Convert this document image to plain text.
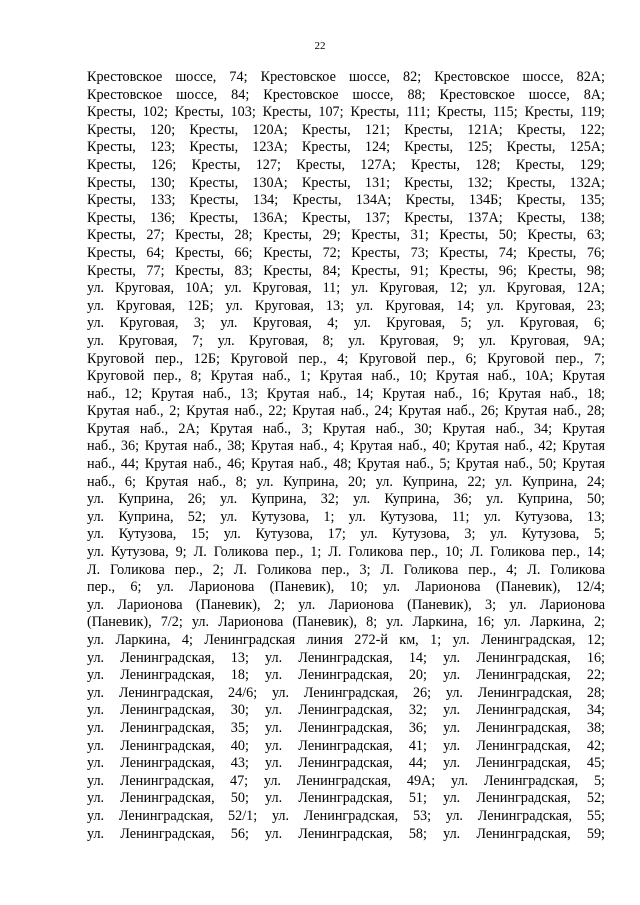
22
Крестовское шоссе, 74; Крестовское шоссе, 82; Крестовское шоссе, 82А;
Крестовское шоссе, 84; Крестовское шоссе, 88; Крестовское шоссе, 8А;
Кресты, 102; Кресты, 103; Кресты, 107; Кресты, 111; Кресты, 115; Кресты, 119;
Кресты, 120; Кресты, 120А; Кресты, 121; Кресты, 121А; Кресты, 122;
Кресты, 123; Кресты, 123А; Кресты, 124; Кресты, 125; Кресты, 125А;
Кресты, 126; Кресты, 127; Кресты, 127А; Кресты, 128; Кресты, 129;
Кресты, 130; Кресты, 130А; Кресты, 131; Кресты, 132; Кресты, 132А;
Кресты, 133; Кресты, 134; Кресты, 134А; Кресты, 134Б; Кресты, 135;
Кресты, 136; Кресты, 136А; Кресты, 137; Кресты, 137А; Кресты, 138;
Кресты, 27; Кресты, 28; Кресты, 29; Кресты, 31; Кресты, 50; Кресты, 63;
Кресты, 64; Кресты, 66; Кресты, 72; Кресты, 73; Кресты, 74; Кресты, 76;
Кресты, 77; Кресты, 83; Кресты, 84; Кресты, 91; Кресты, 96; Кресты, 98;
ул. Круговая, 10А; ул. Круговая, 11; ул. Круговая, 12; ул. Круговая, 12А;
ул. Круговая, 12Б; ул. Круговая, 13; ул. Круговая, 14; ул. Круговая, 23;
ул. Круговая, 3; ул. Круговая, 4; ул. Круговая, 5; ул. Круговая, 6;
ул. Круговая, 7; ул. Круговая, 8; ул. Круговая, 9; ул. Круговая, 9А;
Круговой пер., 12Б; Круговой пер., 4; Круговой пер., 6; Круговой пер., 7;
Круговой пер., 8; Крутая наб., 1; Крутая наб., 10; Крутая наб., 10А; Крутая
наб., 12; Крутая наб., 13; Крутая наб., 14; Крутая наб., 16; Крутая наб., 18;
Крутая наб., 2; Крутая наб., 22; Крутая наб., 24; Крутая наб., 26; Крутая наб., 28;
Крутая наб., 2А; Крутая наб., 3; Крутая наб., 30; Крутая наб., 34; Крутая
наб., 36; Крутая наб., 38; Крутая наб., 4; Крутая наб., 40; Крутая наб., 42; Крутая
наб., 44; Крутая наб., 46; Крутая наб., 48; Крутая наб., 5; Крутая наб., 50; Крутая
наб., 6; Крутая наб., 8; ул. Куприна, 20; ул. Куприна, 22; ул. Куприна, 24;
ул. Куприна, 26; ул. Куприна, 32; ул. Куприна, 36; ул. Куприна, 50;
ул. Куприна, 52; ул. Кутузова, 1; ул. Кутузова, 11; ул. Кутузова, 13;
ул. Кутузова, 15; ул. Кутузова, 17; ул. Кутузова, 3; ул. Кутузова, 5;
ул. Кутузова, 9; Л. Голикова пер., 1; Л. Голикова пер., 10; Л. Голикова пер., 14;
Л. Голикова пер., 2; Л. Голикова пер., 3; Л. Голикова пер., 4; Л. Голикова
пер., 6; ул. Ларионова (Паневик), 10; ул. Ларионова (Паневик), 12/4;
ул. Ларионова (Паневик), 2; ул. Ларионова (Паневик), 3; ул. Ларионова
(Паневик), 7/2; ул. Ларионова (Паневик), 8; ул. Ларкина, 16; ул. Ларкина, 2;
ул. Ларкина, 4; Ленинградская линия 272-й км, 1; ул. Ленинградская, 12;
ул. Ленинградская, 13; ул. Ленинградская, 14; ул. Ленинградская, 16;
ул. Ленинградская, 18; ул. Ленинградская, 20; ул. Ленинградская, 22;
ул. Ленинградская, 24/6; ул. Ленинградская, 26; ул. Ленинградская, 28;
ул. Ленинградская, 30; ул. Ленинградская, 32; ул. Ленинградская, 34;
ул. Ленинградская, 35; ул. Ленинградская, 36; ул. Ленинградская, 38;
ул. Ленинградская, 40; ул. Ленинградская, 41; ул. Ленинградская, 42;
ул. Ленинградская, 43; ул. Ленинградская, 44; ул. Ленинградская, 45;
ул. Ленинградская, 47; ул. Ленинградская, 49А; ул. Ленинградская, 5;
ул. Ленинградская, 50; ул. Ленинградская, 51; ул. Ленинградская, 52;
ул. Ленинградская, 52/1; ул. Ленинградская, 53; ул. Ленинградская, 55;
ул. Ленинградская, 56; ул. Ленинградская, 58; ул. Ленинградская, 59;
